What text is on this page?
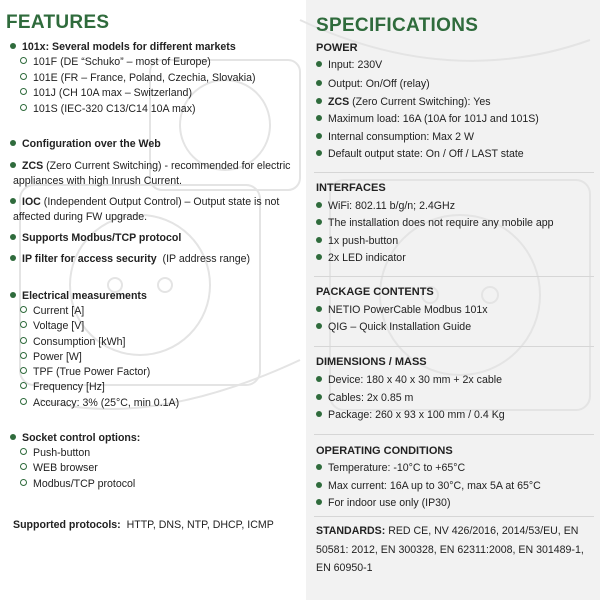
FEATURES
101x: Several models for different markets
101F (DE “Schuko” – most of Europe)
101E (FR – France, Poland, Czechia, Slovakia)
101J (CH 10A max – Switzerland)
101S (IEC-320 C13/C14 10A max)
Configuration over the Web
ZCS (Zero Current Switching) - recommended for electric
appliances with high Inrush Current.
IOC (Independent Output Control) – Output state is not
affected during FW upgrade.
Supports Modbus/TCP protocol
IP filter for access security (IP address range)
Electrical measurements
Current [A]
Voltage [V]
Consumption [kWh]
Power [W]
TPF (True Power Factor)
Frequency [Hz]
Accuracy: 3% (25°C, min 0.1A)
Socket control options:
Push-button
WEB browser
Modbus/TCP protocol
Supported protocols: HTTP, DNS, NTP, DHCP, ICMP
SPECIFICATIONS
POWER
Input: 230V
Output: On/Off (relay)
ZCS (Zero Current Switching): Yes
Maximum load: 16A (10A for 101J and 101S)
Internal consumption: Max 2 W
Default output state: On / Off / LAST state
INTERFACES
WiFi: 802.11 b/g/n; 2.4GHz
The installation does not require any mobile app
1x push-button
2x LED indicator
PACKAGE CONTENTS
NETIO PowerCable Modbus 101x
QIG – Quick Installation Guide
DIMENSIONS / MASS
Device: 180 x 40 x 30 mm + 2x cable
Cables: 2x 0.85 m
Package: 260 x 93 x 100 mm / 0.4 Kg
OPERATING CONDITIONS
Temperature: -10°C to +65°C
Max current: 16A up to 30°C, max 5A at 65°C
For indoor use only (IP30)
STANDARDS: RED CE, NV 426/2016, 2014/53/EU, EN
50581: 2012, EN 300328, EN 62311:2008, EN 301489-1,
EN 60950-1
